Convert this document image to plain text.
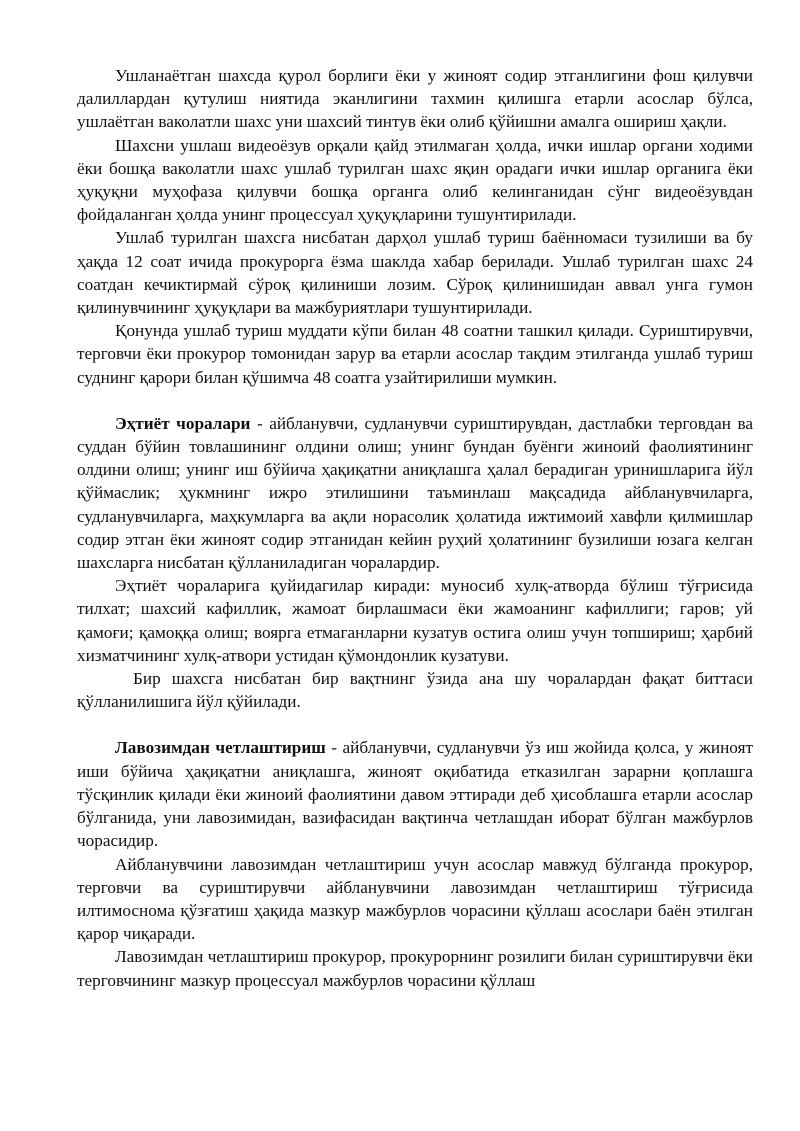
Ушланаётган шахсда қурол борлиги ёки у жиноят содир этганлигини фош қилувчи далиллардан қутулиш ниятида эканлигини тахмин қилишга етарли асослар бўлса, ушлаётган ваколатли шахс уни шахсий тинтув ёки олиб қўйишни амалга ошириш ҳақли.

Шахсни ушлаш видеоёзув орқали қайд этилмаган ҳолда, ички ишлар органи ходими ёки бошқа ваколатли шахс ушлаб турилган шахс яқин орадаги ички ишлар органига ёки ҳуқуқни муҳофаза қилувчи бошқа органга олиб келинганидан сўнг видеоёзувдан фойдаланган ҳолда унинг процессуал ҳуқуқларини тушунтирилади.

Ушлаб турилган шахсга нисбатан дарҳол ушлаб туриш баённомаси тузилиши ва бу ҳақда 12 соат ичида прокурорга ёзма шаклда хабар берилади. Ушлаб турилган шахс 24 соатдан кечиктирмай сўроқ қилиниши лозим. Сўроқ қилинишидан аввал унга гумон қилинувчининг ҳуқуқлари ва мажбуриятлари тушунтирилади.

Қонунда ушлаб туриш муддати кўпи билан 48 соатни ташкил қилади. Суриштирувчи, терговчи ёки прокурор томонидан зарур ва етарли асослар тақдим этилганда ушлаб туриш суднинг қарори билан қўшимча 48 соатга узайтирилиши мумкин.

Эҳтиёт чоралари - айбланувчи, судланувчи суриштирувдан, дастлабки терговдан ва суддан бўйин товлашининг олдини олиш; унинг бундан буёнги жиноий фаолиятининг олдини олиш; унинг иш бўйича ҳақиқатни аниқлашга ҳалал берадиган уринишларига йўл қўймаслик; ҳукмнинг ижро этилишини таъминлаш мақсадида айбланувчиларга, судланувчиларга, маҳкумларга ва ақли норасолик ҳолатида ижтимоий хавфли қилмишлар содир этган ёки жиноят содир этганидан кейин руҳий ҳолатининг бузилиши юзага келган шахсларга нисбатан қўлланиладиган чоралардир.

Эҳтиёт чораларига қуйидагилар киради: муносиб хулқ-атворда бўлиш тўғрисида тилхат; шахсий кафиллик, жамоат бирлашмаси ёки жамоанинг кафиллиги; гаров; уй қамоғи; қамоққа олиш; воярга етмаганларни кузатув остига олиш учун топшириш; ҳарбий хизматчининг хулқ-атвори устидан қўмондонлик кузатуви.

Бир шахсга нисбатан бир вақтнинг ўзида ана шу чоралардан фақат биттаси қўлланилишига йўл қўйилади.

Лавозимдан четлаштириш - айбланувчи, судланувчи ўз иш жойида қолса, у жиноят иши бўйича ҳақиқатни аниқлашга, жиноят оқибатида етказилган зарарни қоплашга тўсқинлик қилади ёки жиноий фаолиятини давом эттиради деб ҳисоблашга етарли асослар бўлганида, уни лавозимидан, вазифасидан вақтинча четлашдан иборат бўлган мажбурлов чорасидир.

Айбланувчини лавозимдан четлаштириш учун асослар мавжуд бўлганда прокурор, терговчи ва суриштирувчи айбланувчини лавозимдан четлаштириш тўғрисида илтимоснома қўзғатиш ҳақида мазкур мажбурлов чорасини қўллаш асослари баён этилган қарор чиқаради.

Лавозимдан четлаштириш прокурор, прокурорнинг розилиги билан суриштирувчи ёки терговчининг мазкур процессуал мажбурлов чорасини қўллаш
